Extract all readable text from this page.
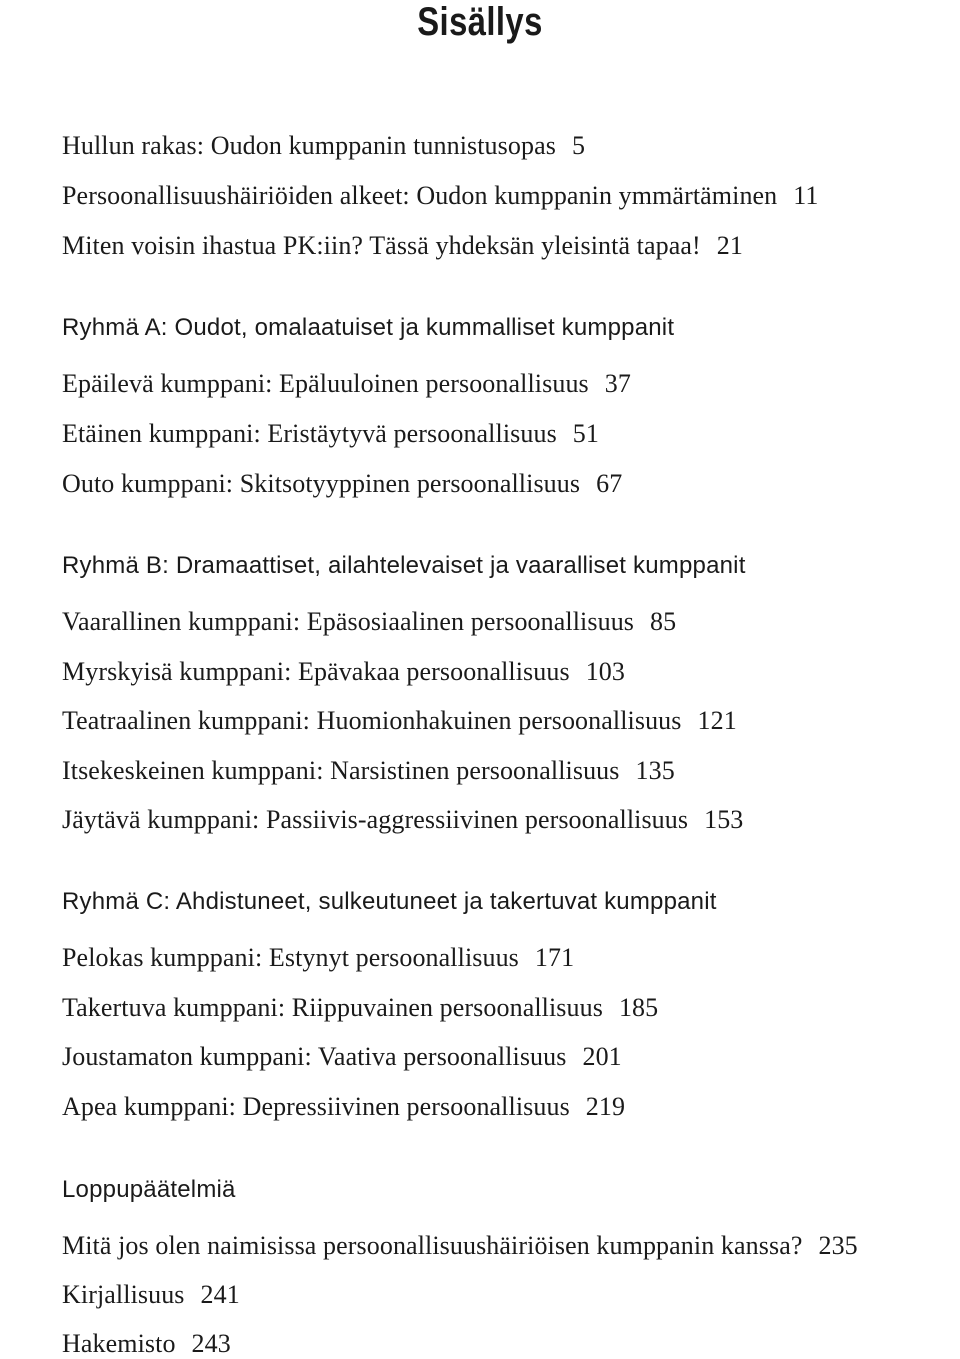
Sisällys
Hullun rakas: Oudon kumppanin tunnistusopas 5
Persoonallisuushäiriöiden alkeet: Oudon kumppanin ymmärtäminen 11
Miten voisin ihastua PK:iin? Tässä yhdeksän yleisintä tapaa! 21
Ryhmä A: Oudot, omalaatuiset ja kummalliset kumppanit
Epäilevä kumppani: Epäluuloinen persoonallisuus 37
Etäinen kumppani: Eristäytyvä persoonallisuus 51
Outo kumppani: Skitsotyyppinen persoonallisuus 67
Ryhmä B: Dramaattiset, ailahtelevaiset ja vaaralliset kumppanit
Vaarallinen kumppani: Epäsosiaalinen persoonallisuus 85
Myrskyisä kumppani: Epävakaa persoonallisuus 103
Teatraalinen kumppani: Huomionhakuinen persoonallisuus 121
Itsekeskeinen kumppani: Narsistinen persoonallisuus 135
Jäytävä kumppani: Passiivis-aggressiivinen persoonallisuus 153
Ryhmä C: Ahdistuneet, sulkeutuneet ja takertuvat kumppanit
Pelokas kumppani: Estynyt persoonallisuus 171
Takertuva kumppani: Riippuvainen persoonallisuus 185
Joustamaton kumppani: Vaativa persoonallisuus 201
Apea kumppani: Depressiivinen persoonallisuus 219
Loppupäätelmiä
Mitä jos olen naimisissa persoonallisuushäiriöisen kumppanin kanssa? 235
Kirjallisuus 241
Hakemisto 243
